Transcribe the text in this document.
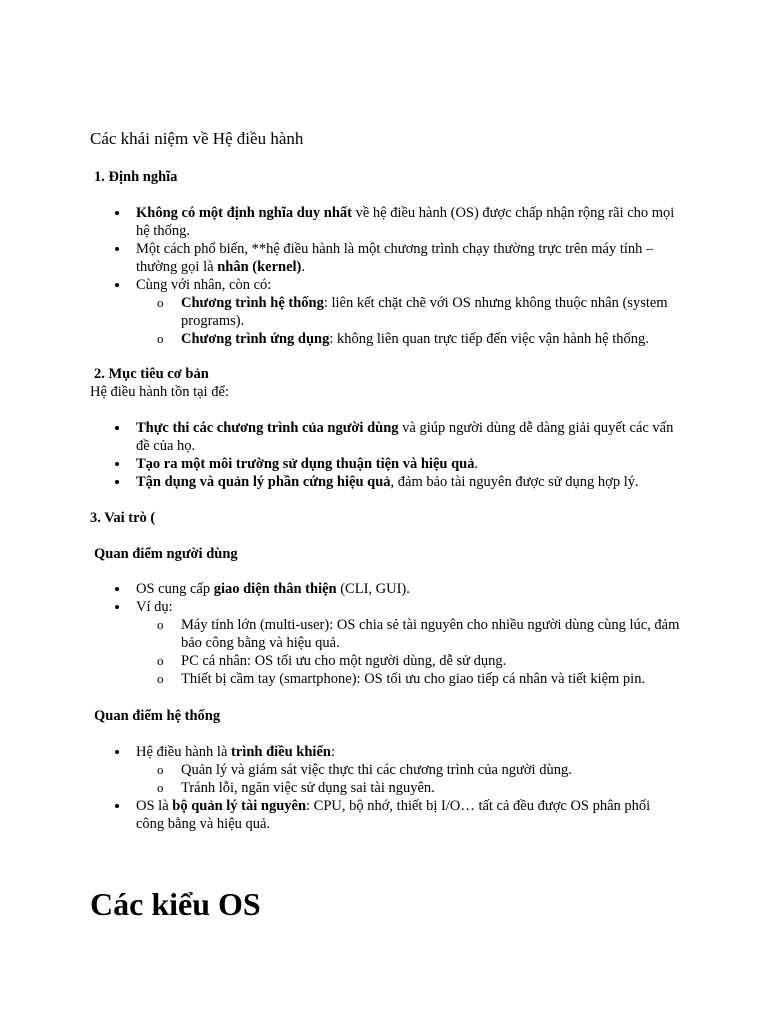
Các khái niệm về Hệ điều hành
1. Định nghĩa
Không có một định nghĩa duy nhất về hệ điều hành (OS) được chấp nhận rộng rãi cho mọi hệ thống.
Một cách phổ biến, **hệ điều hành là một chương trình chạy thường trực trên máy tính – thường gọi là nhân (kernel).
Cùng với nhân, còn có:
o Chương trình hệ thống: liên kết chặt chẽ với OS nhưng không thuộc nhân (system programs).
o Chương trình ứng dụng: không liên quan trực tiếp đến việc vận hành hệ thống.
2. Mục tiêu cơ bản
Hệ điều hành tồn tại để:
Thực thi các chương trình của người dùng và giúp người dùng dễ dàng giải quyết các vấn đề của họ.
Tạo ra một môi trường sử dụng thuận tiện và hiệu quả.
Tận dụng và quản lý phần cứng hiệu quả, đảm bảo tài nguyên được sử dụng hợp lý.
3. Vai trò (
Quan điểm người dùng
OS cung cấp giao diện thân thiện (CLI, GUI).
Ví dụ:
o Máy tính lớn (multi-user): OS chia sẻ tài nguyên cho nhiều người dùng cùng lúc, đảm bảo công bằng và hiệu quả.
o PC cá nhân: OS tối ưu cho một người dùng, dễ sử dụng.
o Thiết bị cầm tay (smartphone): OS tối ưu cho giao tiếp cá nhân và tiết kiệm pin.
Quan điểm hệ thống
Hệ điều hành là trình điều khiển:
o Quản lý và giám sát việc thực thi các chương trình của người dùng.
o Tránh lỗi, ngăn việc sử dụng sai tài nguyên.
OS là bộ quản lý tài nguyên: CPU, bộ nhớ, thiết bị I/O… tất cả đều được OS phân phối công bằng và hiệu quả.
Các kiểu OS
